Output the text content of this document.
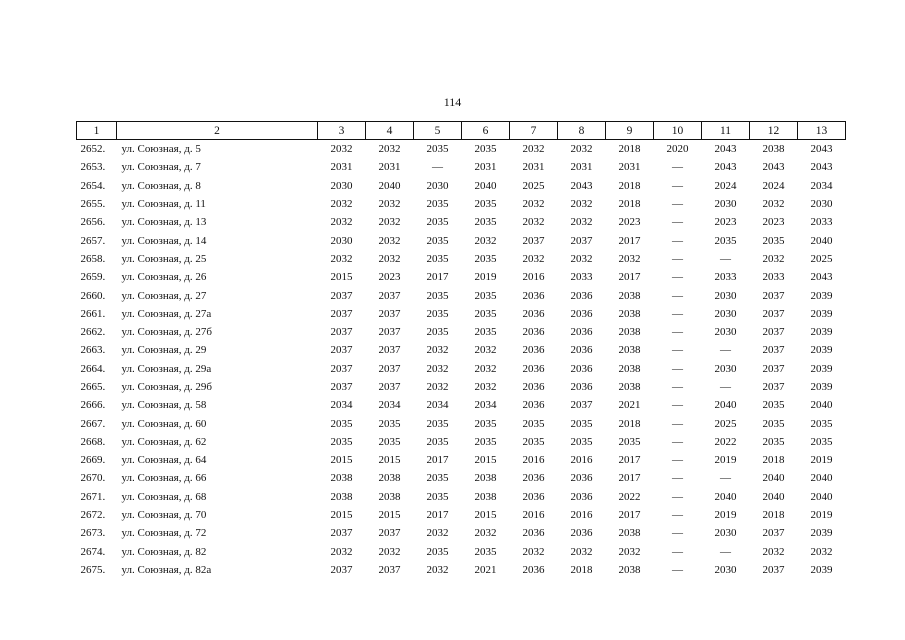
114
1	2	3	4	5	6	7	8	9	10	11	12	13
2652.	ул. Союзная, д. 5	2032	2032	2035	2035	2032	2032	2018	2020	2043	2038	2043
2653.	ул. Союзная, д. 7	2031	2031	—	2031	2031	2031	2031	—	2043	2043	2043
2654.	ул. Союзная, д. 8	2030	2040	2030	2040	2025	2043	2018	—	2024	2024	2034
2655.	ул. Союзная, д. 11	2032	2032	2035	2035	2032	2032	2018	—	2030	2032	2030
2656.	ул. Союзная, д. 13	2032	2032	2035	2035	2032	2032	2023	—	2023	2023	2033
2657.	ул. Союзная, д. 14	2030	2032	2035	2032	2037	2037	2017	—	2035	2035	2040
2658.	ул. Союзная, д. 25	2032	2032	2035	2035	2032	2032	2032	—	—	2032	2025
2659.	ул. Союзная, д. 26	2015	2023	2017	2019	2016	2033	2017	—	2033	2033	2043
2660.	ул. Союзная, д. 27	2037	2037	2035	2035	2036	2036	2038	—	2030	2037	2039
2661.	ул. Союзная, д. 27а	2037	2037	2035	2035	2036	2036	2038	—	2030	2037	2039
2662.	ул. Союзная, д. 27б	2037	2037	2035	2035	2036	2036	2038	—	2030	2037	2039
2663.	ул. Союзная, д. 29	2037	2037	2032	2032	2036	2036	2038	—	—	2037	2039
2664.	ул. Союзная, д. 29а	2037	2037	2032	2032	2036	2036	2038	—	2030	2037	2039
2665.	ул. Союзная, д. 29б	2037	2037	2032	2032	2036	2036	2038	—	—	2037	2039
2666.	ул. Союзная, д. 58	2034	2034	2034	2034	2036	2037	2021	—	2040	2035	2040
2667.	ул. Союзная, д. 60	2035	2035	2035	2035	2035	2035	2018	—	2025	2035	2035
2668.	ул. Союзная, д. 62	2035	2035	2035	2035	2035	2035	2035	—	2022	2035	2035
2669.	ул. Союзная, д. 64	2015	2015	2017	2015	2016	2016	2017	—	2019	2018	2019
2670.	ул. Союзная, д. 66	2038	2038	2035	2038	2036	2036	2017	—	—	2040	2040
2671.	ул. Союзная, д. 68	2038	2038	2035	2038	2036	2036	2022	—	2040	2040	2040
2672.	ул. Союзная, д. 70	2015	2015	2017	2015	2016	2016	2017	—	2019	2018	2019
2673.	ул. Союзная, д. 72	2037	2037	2032	2032	2036	2036	2038	—	2030	2037	2039
2674.	ул. Союзная, д. 82	2032	2032	2035	2035	2032	2032	2032	—	—	2032	2032
2675.	ул. Союзная, д. 82а	2037	2037	2032	2021	2036	2018	2038	—	2030	2037	2039
